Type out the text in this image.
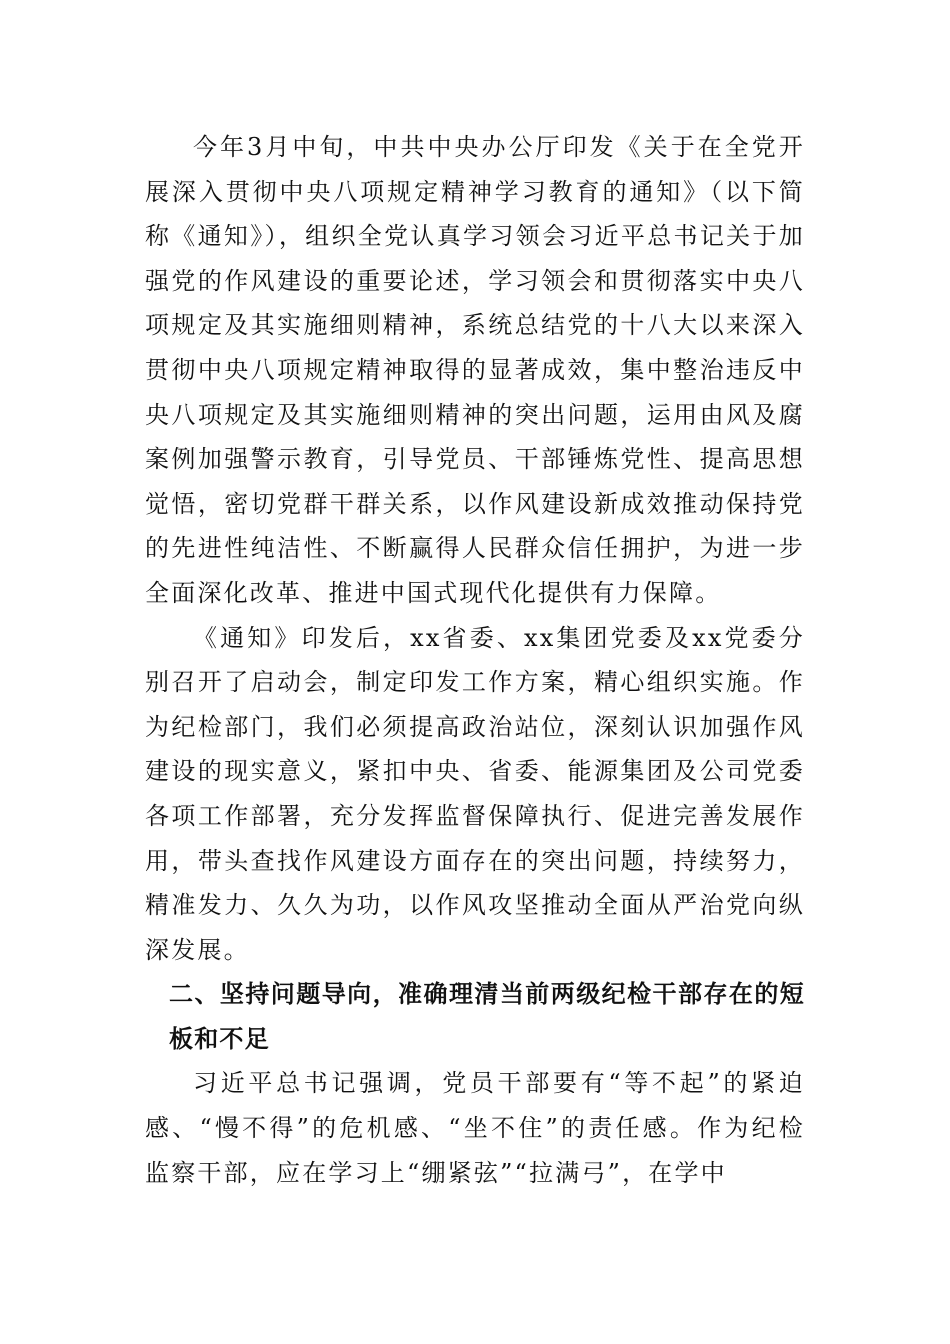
今年3月中旬，中共中央办公厅印发《关于在全党开展深入贯彻中央八项规定精神学习教育的通知》（以下简称《通知》），组织全党认真学习领会习近平总书记关于加强党的作风建设的重要论述，学习领会和贯彻落实中央八项规定及其实施细则精神，系统总结党的十八大以来深入贯彻中央八项规定精神取得的显著成效，集中整治违反中央八项规定及其实施细则精神的突出问题，运用由风及腐案例加强警示教育，引导党员、干部锤炼党性、提高思想觉悟，密切党群干群关系，以作风建设新成效推动保持党的先进性纯洁性、不断赢得人民群众信任拥护，为进一步全面深化改革、推进中国式现代化提供有力保障。

《通知》印发后，xx省委、xx集团党委及xx党委分别召开了启动会，制定印发工作方案，精心组织实施。作为纪检部门，我们必须提高政治站位，深刻认识加强作风建设的现实意义，紧扣中央、省委、能源集团及公司党委各项工作部署，充分发挥监督保障执行、促进完善发展作用，带头查找作风建设方面存在的突出问题，持续努力，精准发力、久久为功，以作风攻坚推动全面从严治党向纵深发展。

二、坚持问题导向，准确理清当前两级纪检干部存在的短板和不足

习近平总书记强调，党员干部要有“等不起”的紧迫感、“慢不得”的危机感、“坐不住”的责任感。作为纪检监察干部，应在学习上“绷紧弦”“拉满弓”，在学中
